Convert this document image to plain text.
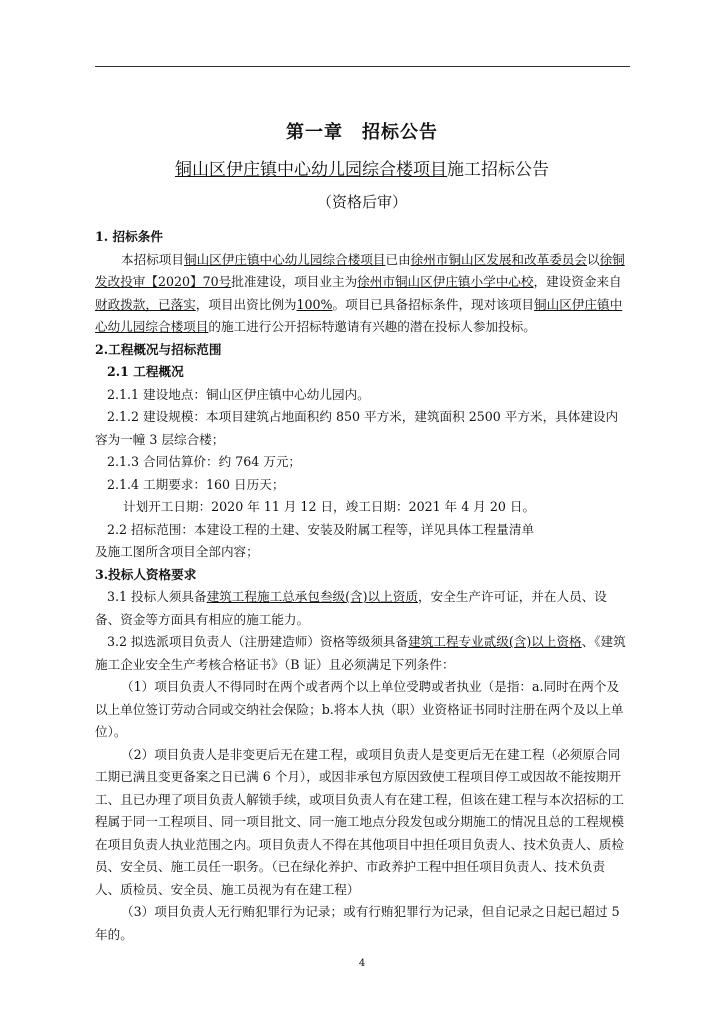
第一章　招标公告

铜山区伊庄镇中心幼儿园综合楼项目施工招标公告

（资格后审）

1. 招标条件

本招标项目铜山区伊庄镇中心幼儿园综合楼项目已由徐州市铜山区发展和改革委员会以徐铜发改投审【2020】70号批准建设，项目业主为徐州市铜山区伊庄镇小学中心校，建设资金来自财政拨款，已落实，项目出资比例为100%。项目已具备招标条件，现对该项目铜山区伊庄镇中心幼儿园综合楼项目的施工进行公开招标特邀请有兴趣的潜在投标人参加投标。

2.工程概况与招标范围

2.1 工程概况

2.1.1 建设地点：铜山区伊庄镇中心幼儿园内。

2.1.2 建设规模：本项目建筑占地面积约 850 平方米，建筑面积 2500 平方米，具体建设内容为一幢 3 层综合楼；

2.1.3 合同估算价：约 764 万元；

2.1.4 工期要求：160 日历天；

计划开工日期：2020 年 11 月 12 日，竣工日期：2021 年 4 月 20 日。

2.2 招标范围：本建设工程的土建、安装及附属工程等，详见具体工程量清单

及施工图所含项目全部内容；

3.投标人资格要求

3.1 投标人须具备建筑工程施工总承包叁级(含)以上资质，安全生产许可证，并在人员、设备、资金等方面具有相应的施工能力。

3.2 拟选派项目负责人（注册建造师）资格等级须具备建筑工程专业贰级(含)以上资格、《建筑施工企业安全生产考核合格证书》（B 证）且必须满足下列条件：

（1）项目负责人不得同时在两个或者两个以上单位受聘或者执业（是指：a.同时在两个及以上单位签订劳动合同或交纳社会保险；b.将本人执（职）业资格证书同时注册在两个及以上单位）。

（2）项目负责人是非变更后无在建工程，或项目负责人是变更后无在建工程（必须原合同工期已满且变更备案之日已满 6 个月），或因非承包方原因致使工程项目停工或因故不能按期开工、且已办理了项目负责人解锁手续，或项目负责人有在建工程，但该在建工程与本次招标的工程属于同一工程项目、同一项目批文、同一施工地点分段发包或分期施工的情况且总的工程规模在项目负责人执业范围之内。项目负责人不得在其他项目中担任项目负责人、技术负责人、质检员、安全员、施工员任一职务。（已在绿化养护、市政养护工程中担任项目负责人、技术负责人、质检员、安全员、施工员视为有在建工程）

（3）项目负责人无行贿犯罪行为记录；或有行贿犯罪行为记录，但自记录之日起已超过 5 年的。

4
